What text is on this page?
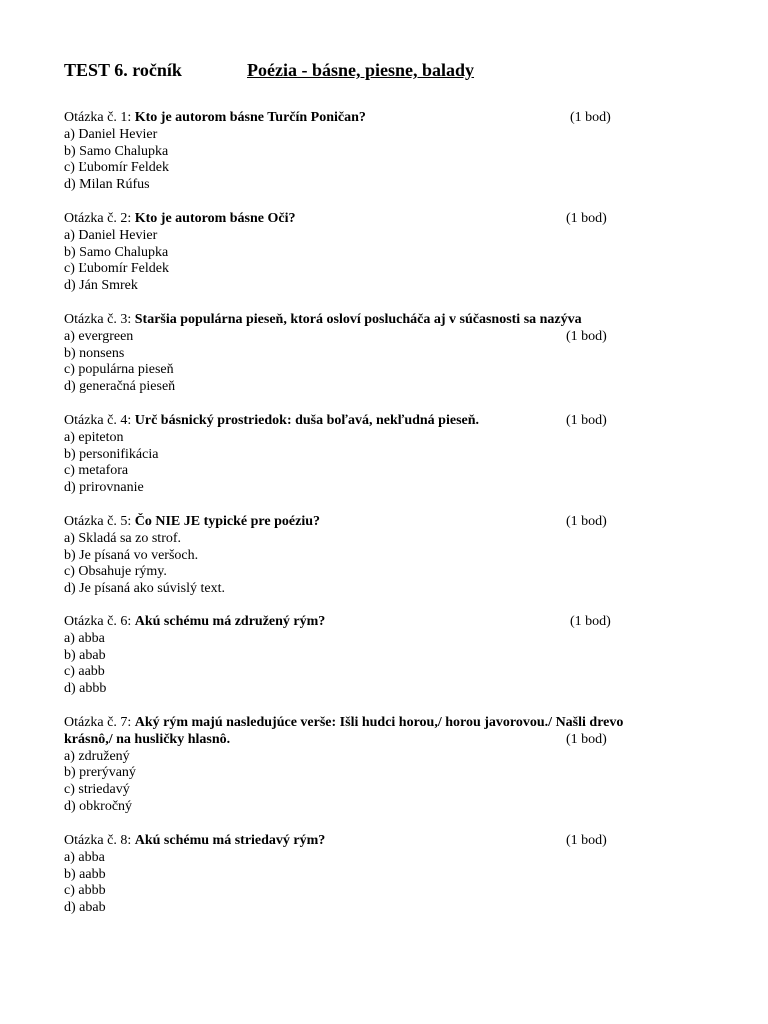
TEST 6. ročník	Poézia - básne, piesne, balady
Otázka č. 1: Kto je autorom básne Turčín Poničan?	(1 bod)
a) Daniel Hevier
b) Samo Chalupka
c) Ľubomír Feldek
d) Milan Rúfus
Otázka č. 2: Kto je autorom básne Oči?	(1 bod)
a) Daniel Hevier
b) Samo Chalupka
c) Ľubomír Feldek
d) Ján Smrek
Otázka č. 3: Staršia populárna pieseň, ktorá osloví poslucháča aj v súčasnosti sa nazýva
a) evergreen	(1 bod)
b) nonsens
c) populárna pieseň
d) generačná pieseň
Otázka č. 4: Urč básnický prostriedok: duša boľavá, nekľudná pieseň.	(1 bod)
a) epiteton
b) personifikácia
c) metafora
d) prirovnanie
Otázka č. 5: Čo NIE JE typické pre poéziu?	(1 bod)
a) Skladá sa zo strof.
b) Je písaná vo veršoch.
c) Obsahuje rýmy.
d) Je písaná ako súvislý text.
Otázka č. 6: Akú schému má združený rým?	(1 bod)
a) abba
b) abab
c) aabb
d) abbb
Otázka č. 7: Aký rým majú nasledujúce verše: Išli hudci horou,/ horou javorovou./ Našli drevo
krásnô,/ na husličky hlasnô.	(1 bod)
a) združený
b) prerývaný
c) striedavý
d) obkročný
Otázka č. 8: Akú schému má striedavý rým?	(1 bod)
a) abba
b) aabb
c) abbb
d) abab
